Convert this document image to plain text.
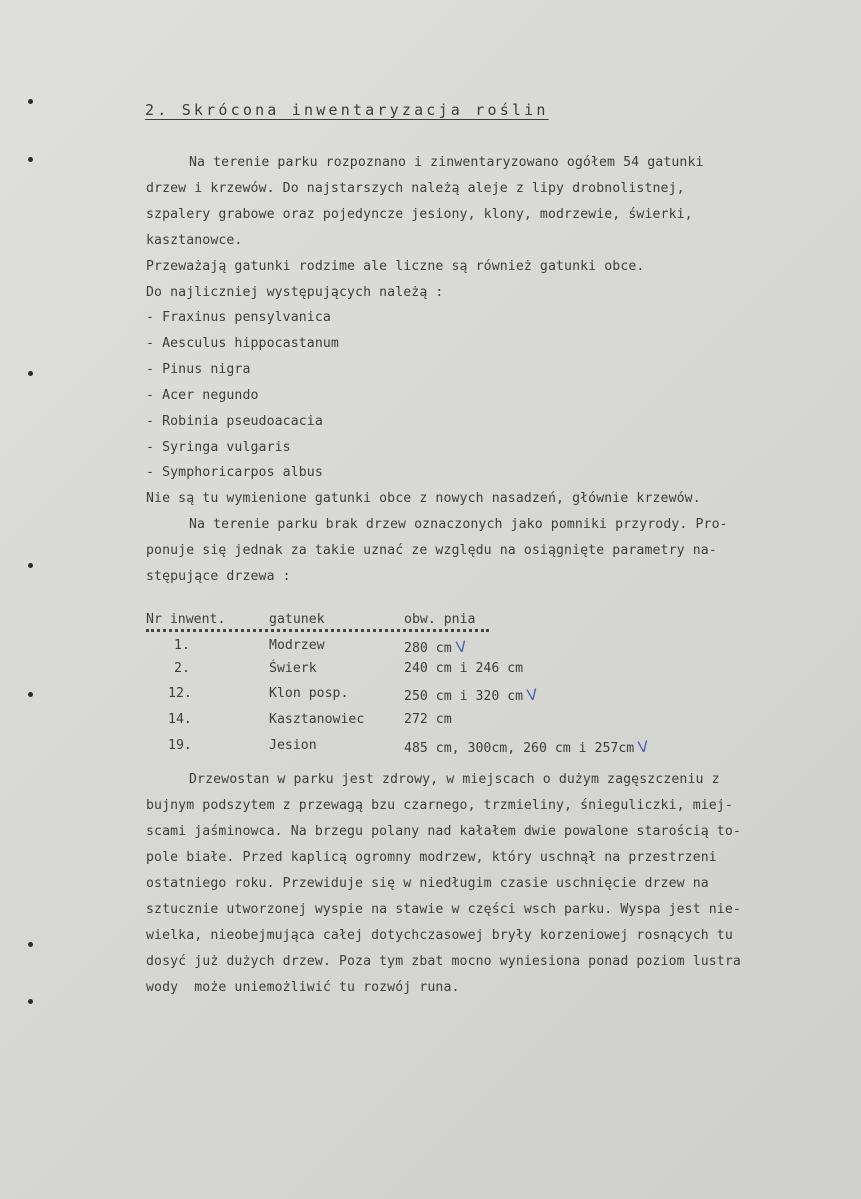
2. Skrócona inwentaryzacja roślin
Na terenie parku rozpoznano i zinwentaryzowano ogółem 54 gatunki
drzew i krzewów. Do najstarszych należą aleje z lipy drobnolistnej,
szpalery grabowe oraz pojedyncze jesiony, klony, modrzewie, świerki,
kasztanowce.
Przeważają gatunki rodzime ale liczne są również gatunki obce.
Do najliczniej występujących należą :
- Fraxinus pensylvanica
- Aesculus hippocastanum
- Pinus nigra
- Acer negundo
- Robinia pseudoacacia
- Syringa vulgaris
- Symphoricarpos albus
Nie są tu wymienione gatunki obce z nowych nasadzeń, głównie krzewów.
Na terenie parku brak drzew oznaczonych jako pomniki przyrody. Pro-
ponuje się jednak za takie uznać ze względu na osiągnięte parametry na-
stępujące drzewa :
Nr inwent.	gatunek	obw. pnia
1.	Modrzew	280 cm V
2.	Świerk	240 cm i 246 cm
12.	Klon posp.	250 cm i 320 cm V
14.	Kasztanowiec	272 cm
19.	Jesion	485 cm, 300cm, 260 cm i 257cm V
Drzewostan w parku jest zdrowy, w miejscach o dużym zagęszczeniu z
bujnym podszytem z przewagą bzu czarnego, trzmieliny, śnieguliczki, miej-
scami jaśminowca. Na brzegu polany nad kałałem dwie powalone starością to-
pole białe. Przed kaplicą ogromny modrzew, który uschnął na przestrzeni
ostatniego roku. Przewiduje się w niedługim czasie uschnięcie drzew na
sztucznie utworzonej wyspie na stawie w części wsch parku. Wyspa jest nie-
wielka, nieobejmująca całej dotychczasowej bryły korzeniowej rosnących tu
dosyć już dużych drzew. Poza tym zbat mocno wyniesiona ponad poziom lustra
wody  może uniemożliwić tu rozwój runa.
